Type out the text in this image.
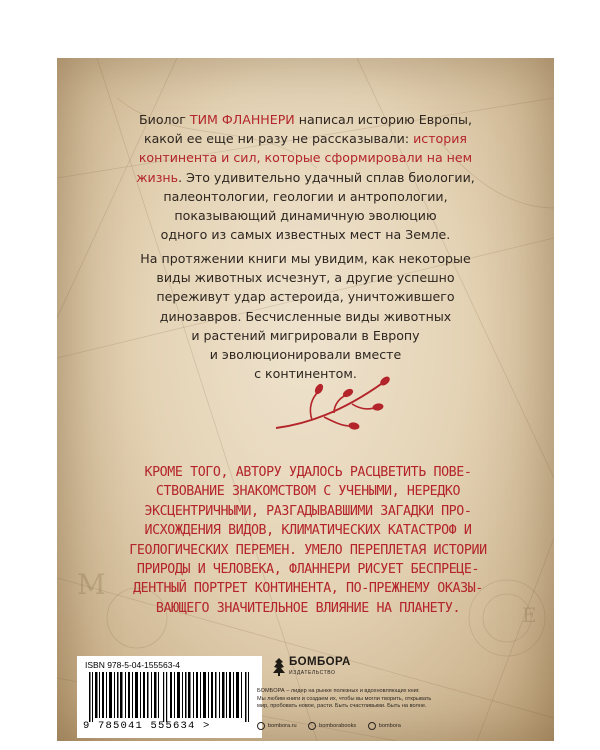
M
E
Биолог ТИМ ФЛАННЕРИ написал историю Европы,
какой ее еще ни разу не рассказывали: история
континента и сил, которые сформировали на нем
жизнь. Это удивительно удачный сплав биологии,
палеонтологии, геологии и антропологии,
показывающий динамичную эволюцию
одного из самых известных мест на Земле.
На протяжении книги мы увидим, как некоторые
виды животных исчезнут, а другие успешно
переживут удар астероида, уничтожившего
динозавров. Бесчисленные виды животных
и растений мигрировали в Европу
и эволюционировали вместе
с континентом.
КРОМЕ ТОГО, АВТОРУ УДАЛОСЬ РАСЦВЕТИТЬ ПОВЕ-
СТВОВАНИЕ ЗНАКОМСТВОМ С УЧЕНЫМИ, НЕРЕДКО
ЭКСЦЕНТРИЧНЫМИ, РАЗГАДЫВАВШИМИ ЗАГАДКИ ПРО-
ИСХОЖДЕНИЯ ВИДОВ, КЛИМАТИЧЕСКИХ КАТАСТРОФ И
ГЕОЛОГИЧЕСКИХ ПЕРЕМЕН. УМЕЛО ПЕРЕПЛЕТАЯ ИСТОРИИ
ПРИРОДЫ И ЧЕЛОВЕКА, ФЛАННЕРИ РИСУЕТ БЕСПРЕЦЕ-
ДЕНТНЫЙ ПОРТРЕТ КОНТИНЕНТА, ПО-ПРЕЖНЕМУ ОКАЗЫ-
ВАЮЩЕГО ЗНАЧИТЕЛЬНОЕ ВЛИЯНИЕ НА ПЛАНЕТУ.
ISBN 978-5-04-155563-4
9 785041 555634 >
БОМБОРА
ИЗДАТЕЛЬСТВО
БОМБОРА – лидер на рынке полезных и вдохновляющих книг.
Мы любим книги и создаем их, чтобы вы могли творить, открывать
мир, пробовать новое, расти. Быть счастливыми. Быть на волне.
bombora.ru
	bomborabooks
	bombora
